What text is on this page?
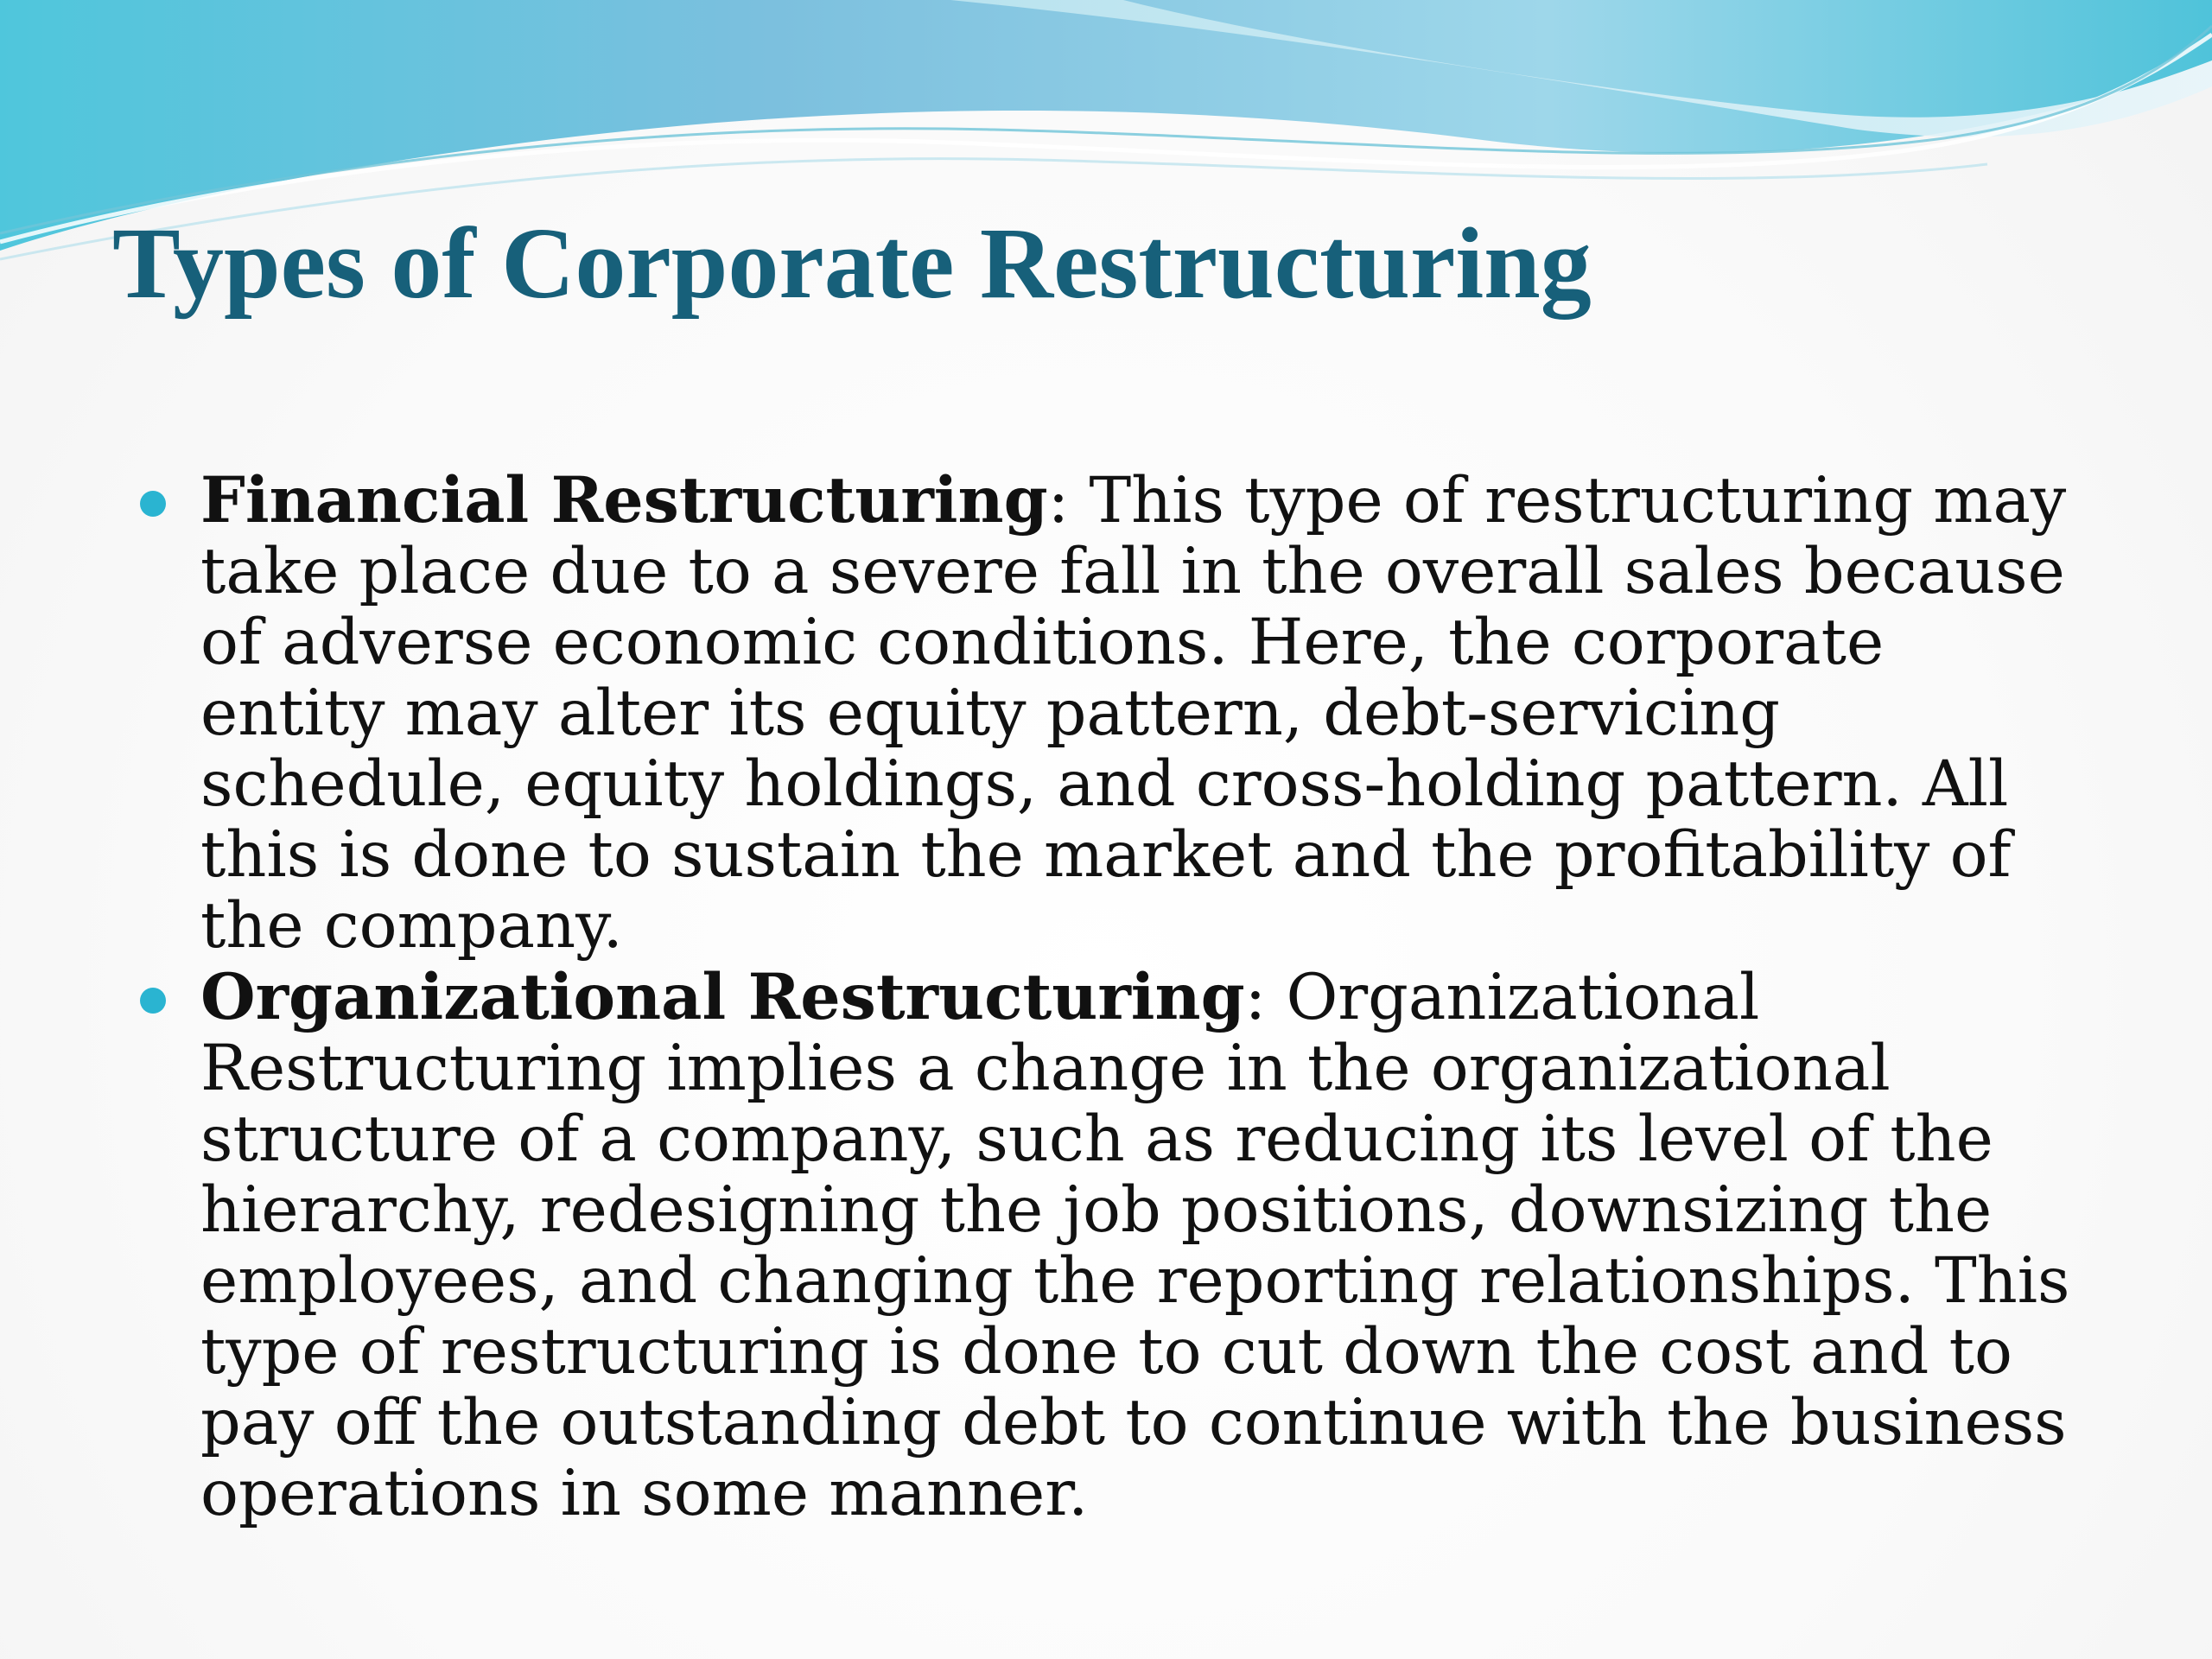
Types of Corporate Restructuring
Financial Restructuring: This type of restructuring may take place due to a severe fall in the overall sales because of adverse economic conditions. Here, the corporate entity may alter its equity pattern, debt-servicing schedule, equity holdings, and cross-holding pattern. All this is done to sustain the market and the profitability of the company.
Organizational Restructuring: Organizational Restructuring implies a change in the organizational structure of a company, such as reducing its level of the hierarchy, redesigning the job positions, downsizing the employees, and changing the reporting relationships. This type of restructuring is done to cut down the cost and to pay off the outstanding debt to continue with the business operations in some manner.
